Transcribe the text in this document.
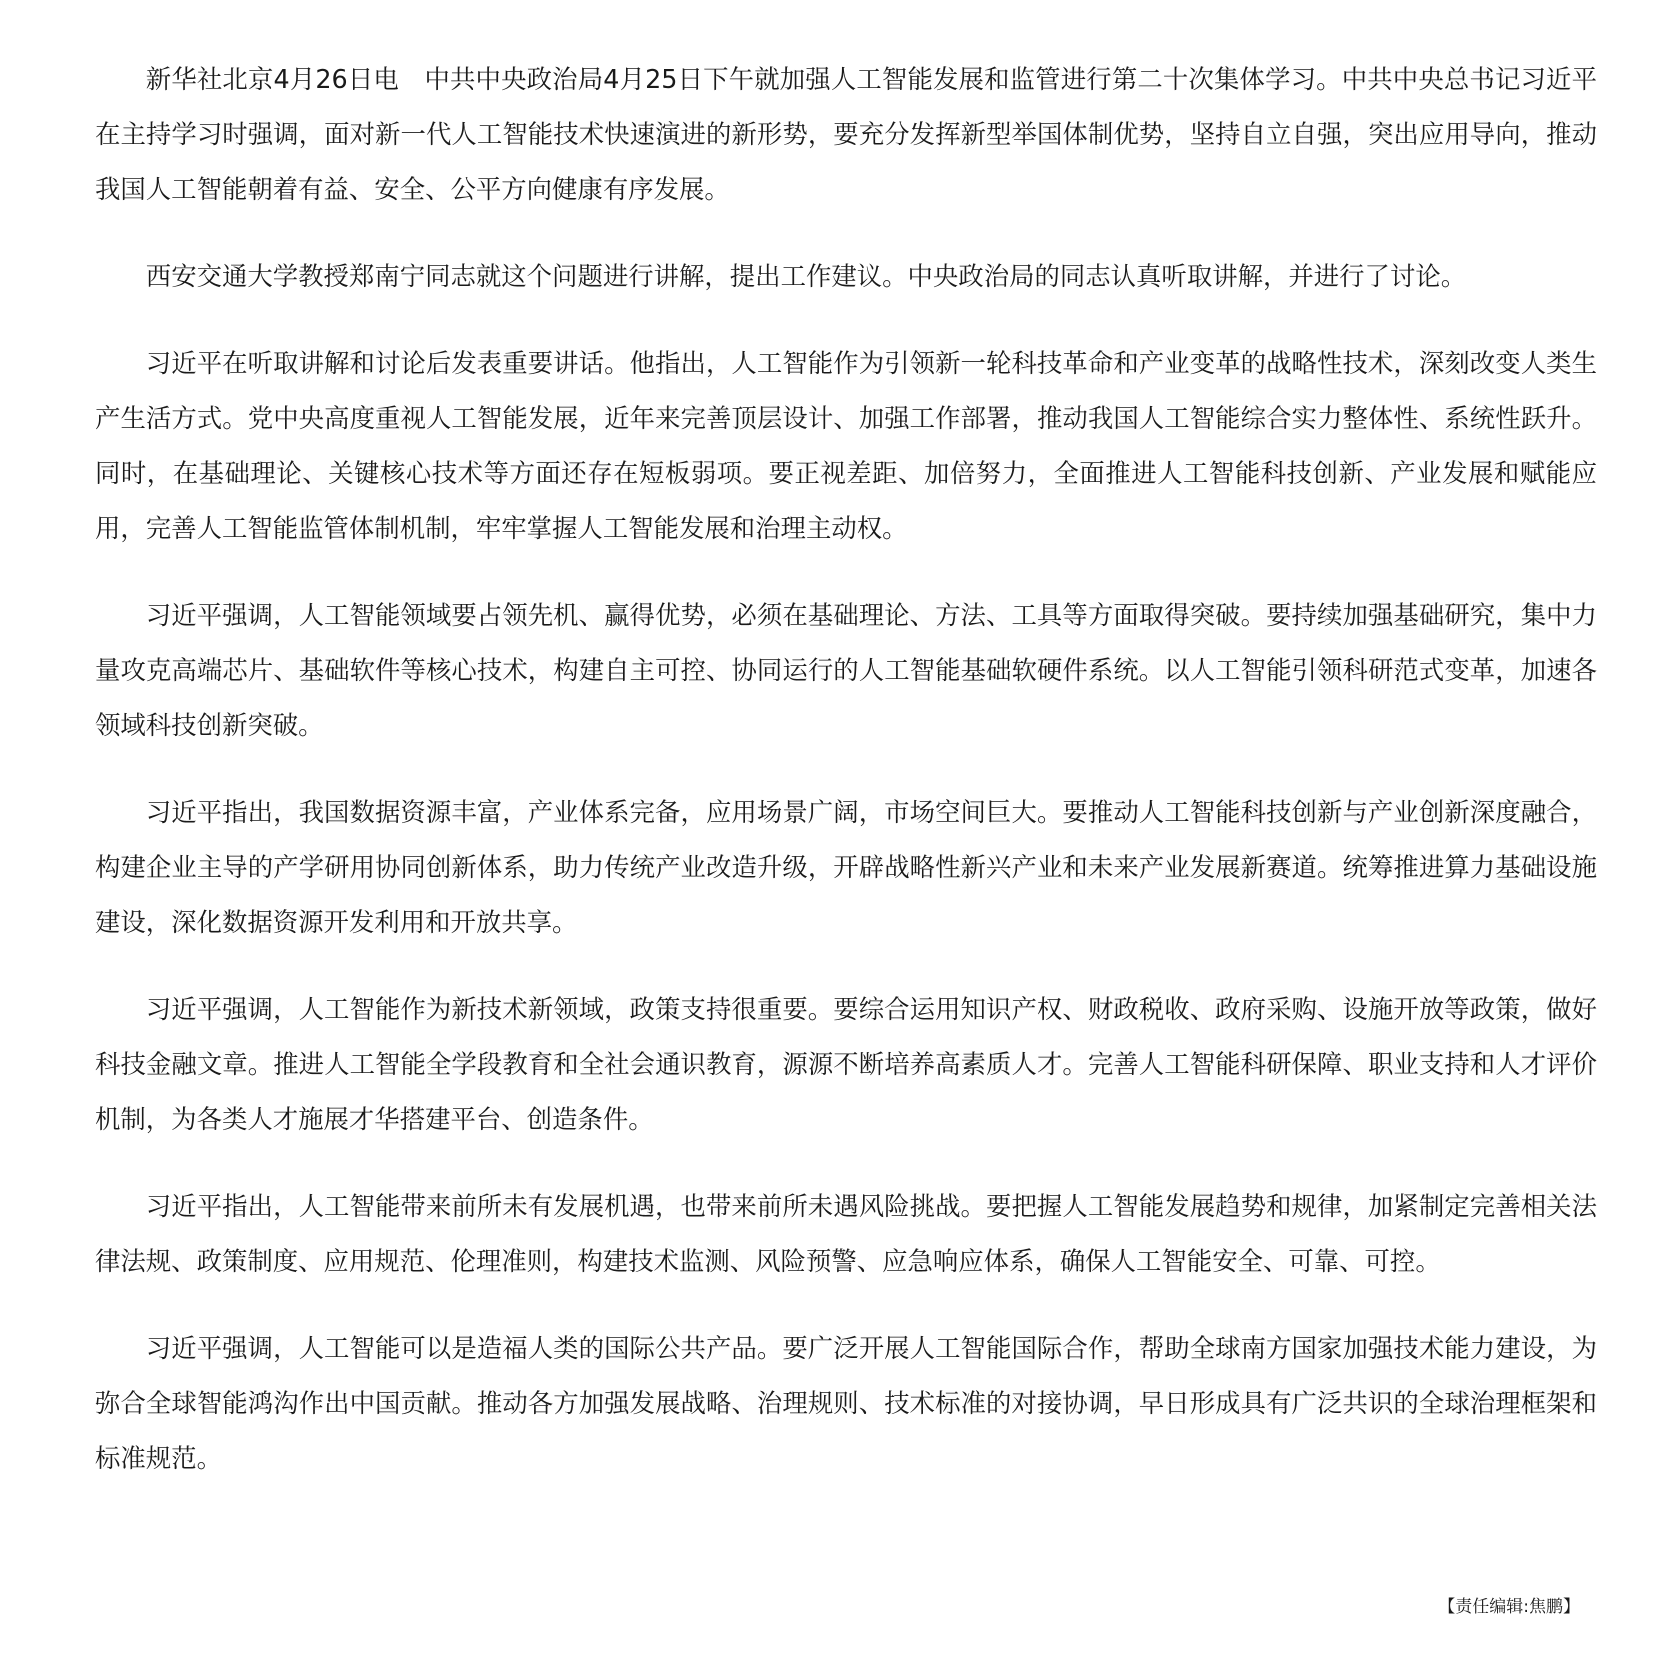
新华社北京4月26日电　中共中央政治局4月25日下午就加强人工智能发展和监管进行第二十次集体学习。中共中央总书记习近平在主持学习时强调，面对新一代人工智能技术快速演进的新形势，要充分发挥新型举国体制优势，坚持自立自强，突出应用导向，推动我国人工智能朝着有益、安全、公平方向健康有序发展。

西安交通大学教授郑南宁同志就这个问题进行讲解，提出工作建议。中央政治局的同志认真听取讲解，并进行了讨论。

习近平在听取讲解和讨论后发表重要讲话。他指出，人工智能作为引领新一轮科技革命和产业变革的战略性技术，深刻改变人类生产生活方式。党中央高度重视人工智能发展，近年来完善顶层设计、加强工作部署，推动我国人工智能综合实力整体性、系统性跃升。同时，在基础理论、关键核心技术等方面还存在短板弱项。要正视差距、加倍努力，全面推进人工智能科技创新、产业发展和赋能应用，完善人工智能监管体制机制，牢牢掌握人工智能发展和治理主动权。

习近平强调，人工智能领域要占领先机、赢得优势，必须在基础理论、方法、工具等方面取得突破。要持续加强基础研究，集中力量攻克高端芯片、基础软件等核心技术，构建自主可控、协同运行的人工智能基础软硬件系统。以人工智能引领科研范式变革，加速各领域科技创新突破。

习近平指出，我国数据资源丰富，产业体系完备，应用场景广阔，市场空间巨大。要推动人工智能科技创新与产业创新深度融合，构建企业主导的产学研用协同创新体系，助力传统产业改造升级，开辟战略性新兴产业和未来产业发展新赛道。统筹推进算力基础设施建设，深化数据资源开发利用和开放共享。

习近平强调，人工智能作为新技术新领域，政策支持很重要。要综合运用知识产权、财政税收、政府采购、设施开放等政策，做好科技金融文章。推进人工智能全学段教育和全社会通识教育，源源不断培养高素质人才。完善人工智能科研保障、职业支持和人才评价机制，为各类人才施展才华搭建平台、创造条件。

习近平指出，人工智能带来前所未有发展机遇，也带来前所未遇风险挑战。要把握人工智能发展趋势和规律，加紧制定完善相关法律法规、政策制度、应用规范、伦理准则，构建技术监测、风险预警、应急响应体系，确保人工智能安全、可靠、可控。

习近平强调，人工智能可以是造福人类的国际公共产品。要广泛开展人工智能国际合作，帮助全球南方国家加强技术能力建设，为弥合全球智能鸿沟作出中国贡献。推动各方加强发展战略、治理规则、技术标准的对接协调，早日形成具有广泛共识的全球治理框架和标准规范。

【责任编辑:焦鹏】
